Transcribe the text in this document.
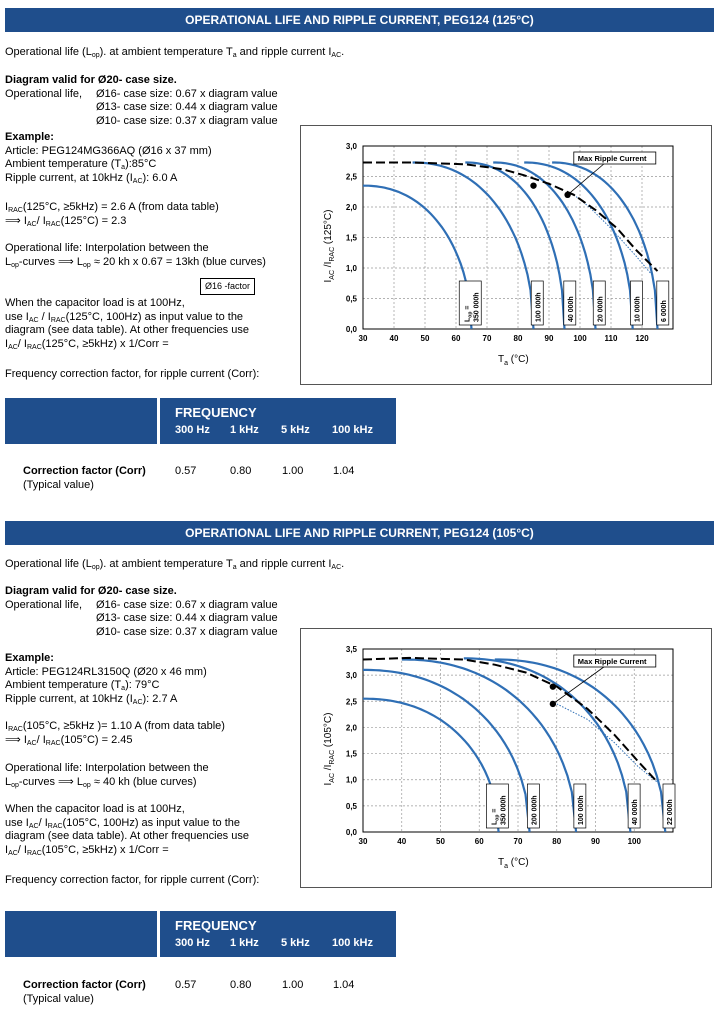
OPERATIONAL LIFE AND RIPPLE CURRENT, PEG124 (125°C)
Operational life $(L_{op})$. at ambient temperature $T_a$ and ripple current $I_{AC}$.
Diagram valid for Ø20- case size.
Operational life, Ø16- case size: 0.67 x diagram value
Ø13- case size: 0.44 x diagram value
Ø10- case size: 0.37 x diagram value
Example:
Article: PEG124MG366AQ (Ø16 x 37 mm)
Ambient temperature $(T_a):85^\circ C$
Ripple current, at 10kHz $(I_{AC})$: 6.0 A
$I_{RAC}(125^\circ C$, ≥5kHz) = 2.6 A (from data table)
⟹ $I_{AC}/$ $I_{RAC}(125^\circ C) = 2.3$
Operational life: Interpolation between the
$L_{op}$-curves ⟹ $L_{op} \approx 20$ kh x 0.67 = 13kh (blue curves)
Ø16 -factor
When the capacitor load is at 100Hz,
use $I_{AC} / I_{RAC}(125^\circ C$, 100Hz) as input value to the
diagram (see data table). At other frequencies use
$I_{AC}/$ $I_{RAC}(125^\circ C$, ≥5kHz) x 1/Corr =
Frequency correction factor, for ripple current (Corr):
0,0
0,5
1,0
1,5
2,0
2,5
3,0
30	40	50	60	70	80	90 100 110 120
$T_a$ (°C)
$I_{AC}$ $/I_{RAC}$ (125°C)
$L_{op} = 350$ 000h	100 000h	40 000h	20 000h	10 000h	6 000h
Max Ripple Current
FREQUENCY
300 Hz	1 kHz	5 kHz	100 kHz
Correction factor (Corr)
(Typical value)
0.57	0.80	1.00	1.04
OPERATIONAL LIFE AND RIPPLE CURRENT, PEG124 (105°C)
Operational life $(L_{op})$. at ambient temperature $T_a$ and ripple current $I_{AC}$.
Diagram valid for Ø20- case size.
Operational life, Ø16- case size: 0.67 x diagram value
Ø13- case size: 0.44 x diagram value
Ø10- case size: 0.37 x diagram value
Example:
Article: PEG124RL3150Q (Ø20 x 46 mm)
Ambient temperature $(T_a)$: 79°C
Ripple current, at 10kHz $(I_{AC})$: 2.7 A
$I_{RAC}(105^\circ C$, ≥5kHz )= 1.10 A (from data table)
⟹ $I_{AC}/$ $I_{RAC}(105^\circ C) = 2.45$
Operational life: Interpolation between the
$L_{op}$-curves ⟹ $L_{op} \approx 40$ kh (blue curves)
When the capacitor load is at 100Hz,
use $I_{AC}/$ $I_{RAC}(105^\circ C$, 100Hz) as input value to the
diagram (see data table). At other frequencies use
$I_{AC}/$ $I_{RAC}(105^\circ C$, ≥5kHz) x 1/Corr =
Frequency correction factor, for ripple current (Corr):
0,0
0,5
1,0
1,5
2,0
2,5
3,0
3,5
30	40	50	60	70	80	90	100
$T_a$ (°C)
$I_{AC}$ $/I_{RAC}$ (105°C)
$L_{op} = 350$ 000h	200 000h	100 000h	40 000h	22 000h
Max Ripple Current
FREQUENCY
300 Hz	1 kHz	5 kHz	100 kHz
Correction factor (Corr)
(Typical value)
0.57	0.80	1.00	1.04
